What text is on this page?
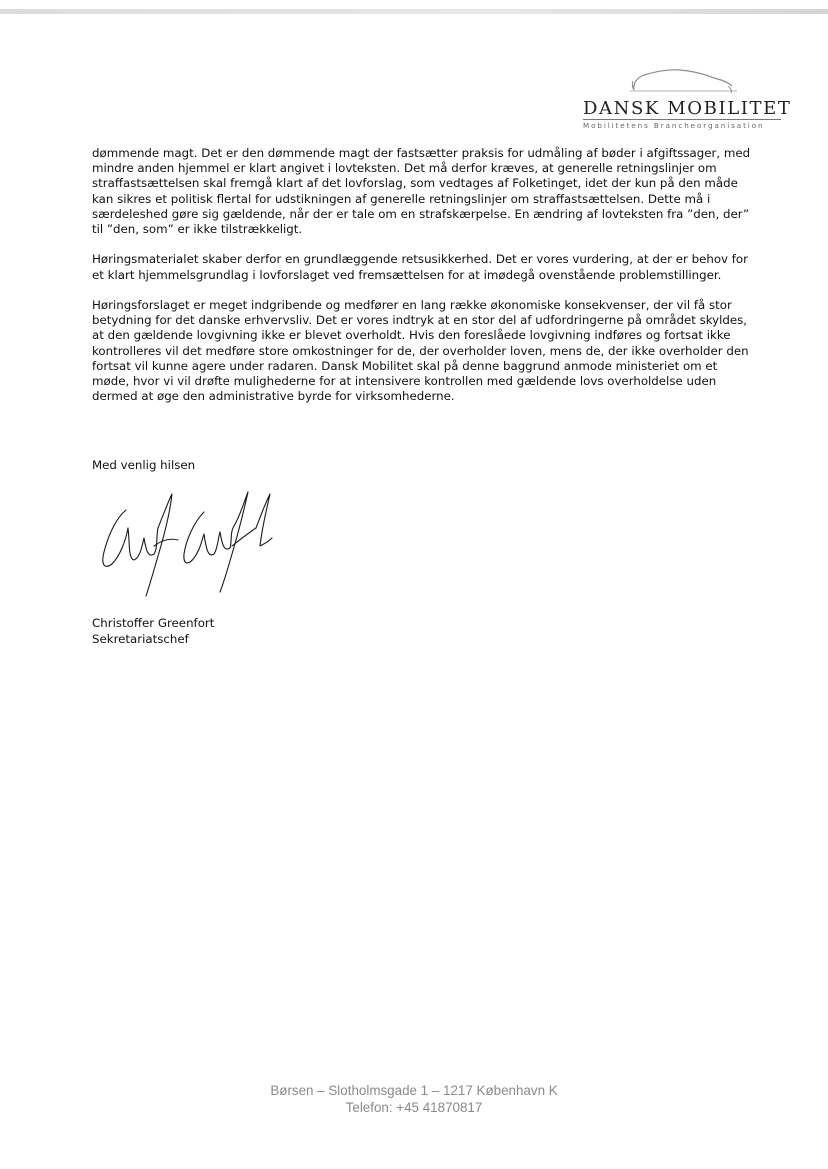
DANSK MOBILITET
Mobilitetens Brancheorganisation

dømmende magt. Det er den dømmende magt der fastsætter praksis for udmåling af bøder i afgiftssager, med mindre anden hjemmel er klart angivet i lovteksten. Det må derfor kræves, at generelle retningslinjer om straffastsættelsen skal fremgå klart af det lovforslag, som vedtages af Folketinget, idet der kun på den måde kan sikres et politisk flertal for udstikningen af generelle retningslinjer om straffastsættelsen. Dette må i særdeleshed gøre sig gældende, når der er tale om en strafskærpelse. En ændring af lovteksten fra ”den, der” til ”den, som” er ikke tilstrækkeligt.

Høringsmaterialet skaber derfor en grundlæggende retsusikkerhed. Det er vores vurdering, at der er behov for et klart hjemmelsgrundlag i lovforslaget ved fremsættelsen for at imødegå ovenstående problemstillinger.

Høringsforslaget er meget indgribende og medfører en lang række økonomiske konsekvenser, der vil få stor betydning for det danske erhvervsliv. Det er vores indtryk at en stor del af udfordringerne på området skyldes, at den gældende lovgivning ikke er blevet overholdt. Hvis den foreslåede lovgivning indføres og fortsat ikke kontrolleres vil det medføre store omkostninger for de, der overholder loven, mens de, der ikke overholder den fortsat vil kunne agere under radaren. Dansk Mobilitet skal på denne baggrund anmode ministeriet om et møde, hvor vi vil drøfte mulighederne for at intensivere kontrollen med gældende lovs overholdelse uden dermed at øge den administrative byrde for virksomhederne.

Med venlig hilsen
Christoffer Greenfort
Sekretariatschef
Børsen – Slotholmsgade 1 – 1217 København K
Telefon: +45 41870817
